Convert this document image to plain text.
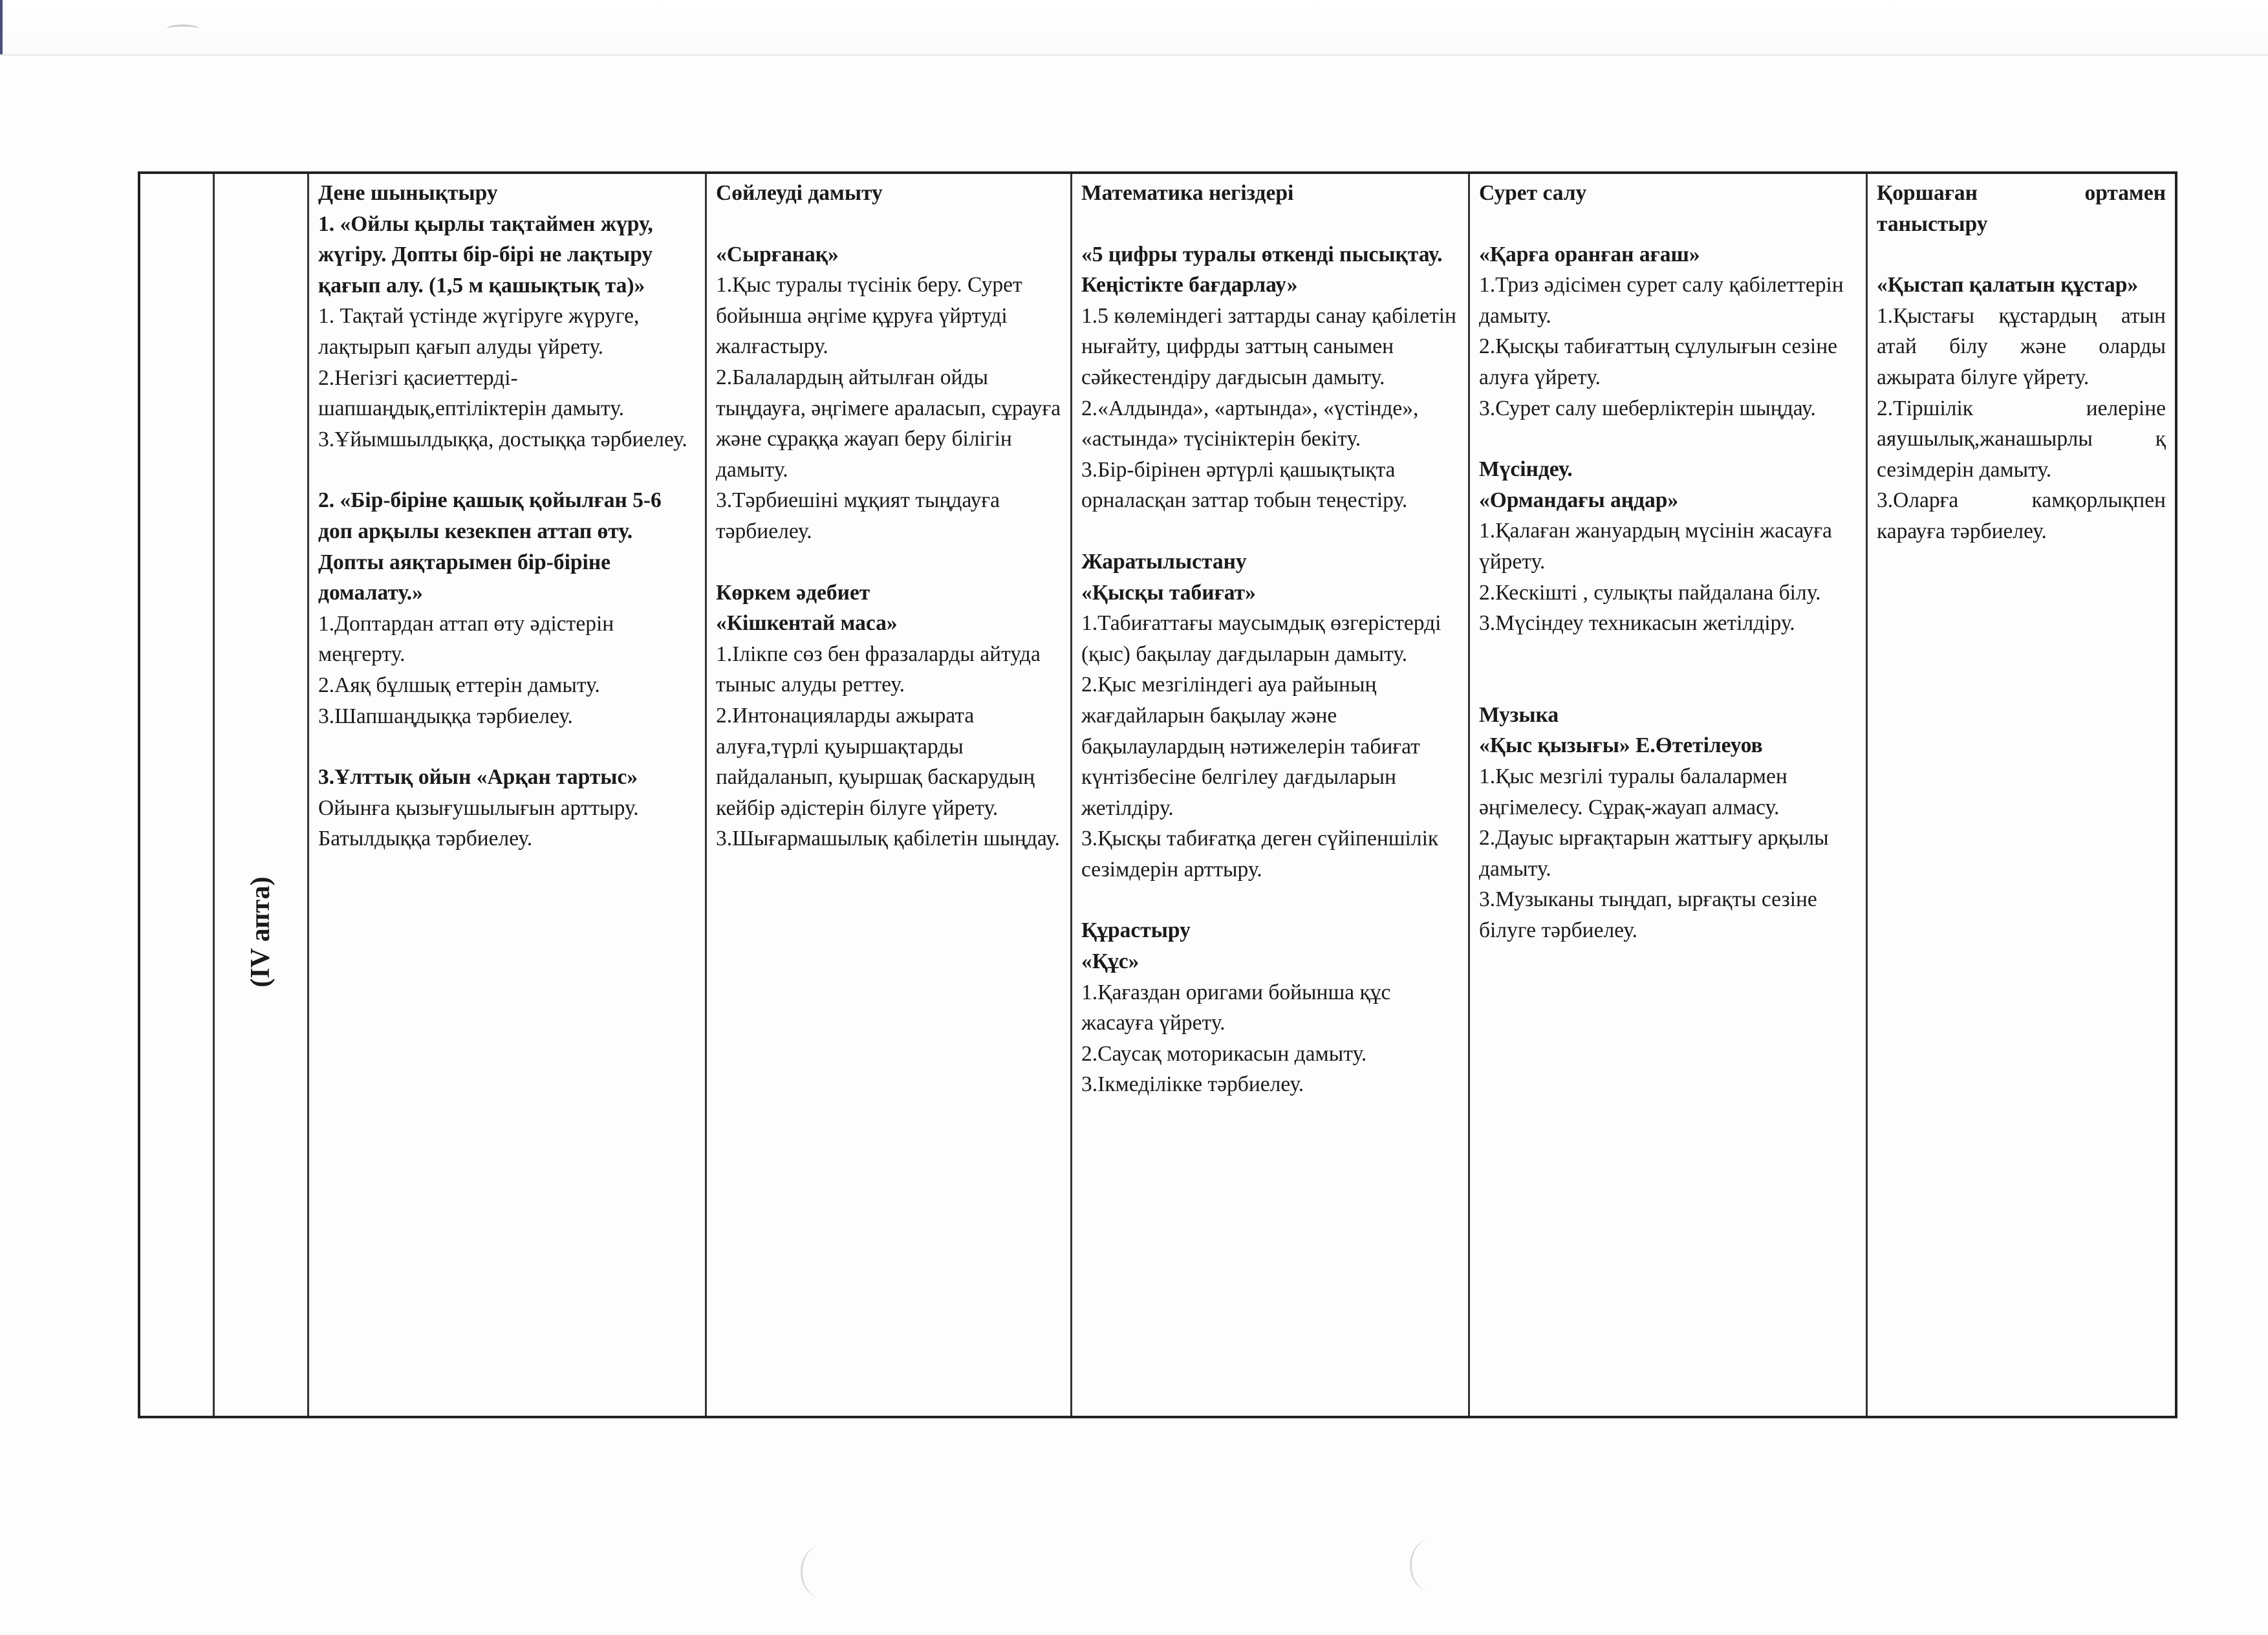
(IV апта)
Дене шынықтыру
1. «Ойлы қырлы тақтаймен жүру, жүгіру. Допты бір-бірі не лақтыру қағып алу. (1,5 м қашықтық та)»
1. Тақтай үстінде жүгіруге жүруге, лақтырып қағып алуды үйрету.
2.Негізгі қасиеттерді-шапшаңдық,ептіліктерін дамыту.
3.Ұйымшылдыққа, достыққа тәрбиелеу.
2. «Бір-біріне қашық қойылған 5-6 доп арқылы кезекпен аттап өту. Допты аяқтарымен бір-біріне домалату.»
1.Доптардан аттап өту әдістерін меңгерту.
2.Аяқ бұлшық еттерін дамыту.
3.Шапшаңдыққа тәрбиелеу.
3.Ұлттық ойын «Арқан тартыс»
Ойынға қызығушылығын арттыру. Батылдыққа тәрбиелеу.
Сөйлеуді дамыту
«Сырғанақ»
1.Қыс туралы түсінік беру. Сурет бойынша әңгіме құруға үйртуді жалғастыру.
2.Балалардың айтылған ойды тыңдауға, әңгімеге араласып, сұрауға және сұраққа жауап беру білігін дамыту.
3.Тәрбиешіні мұқият тыңдауға тәрбиелеу.
Көркем әдебиет
«Кішкентай маса»
1.Ілікпе сөз бен фразаларды айтуда тыныс алуды реттеу.
2.Интонацияларды ажырата алуға,түрлі қуыршақтарды пайдаланып, қуыршақ баскарудың кейбір әдістерін білуге үйрету.
3.Шығармашылық қабілетін шыңдау.
Математика негіздері
«5 цифры туралы өткенді пысықтау. Кеңістікте бағдарлау»
1.5 көлеміндегі заттарды санау қабілетін нығайту, цифрды заттың санымен сәйкестендіру дағдысын дамыту.
2.«Алдында», «артында», «үстінде», «астында» түсініктерін бекіту.
3.Бір-бірінен әртүрлі қашықтықта орналасқан заттар тобын теңестіру.
Жаратылыстану
«Қысқы табиғат»
1.Табиғаттағы маусымдық өзгерістерді (қыс) бақылау дағдыларын дамыту.
2.Қыс мезгіліндегі ауа райының жағдайларын бақылау және бақылаулардың нәтижелерін табиғат күнтізбесіне белгілеу дағдыларын жетілдіру.
3.Қысқы табиғатқа деген сүйіпеншілік сезімдерін арттыру.
Құрастыру
«Құс»
1.Қағаздан оригами бойынша құс жасауға үйрету.
2.Саусақ моторикасын дамыту.
3.Ікмеділікке тәрбиелеу.
Сурет салу
«Қарға оранған ағаш»
1.Триз әдісімен сурет салу қабілеттерін дамыту.
2.Қысқы табиғаттың сұлулығын сезіне алуға үйрету.
3.Сурет салу шеберліктерін шыңдау.
Мүсіндеу.
«Ормандағы аңдар»
1.Қалаған жануардың мүсінін жасауға үйрету.
2.Кескішті , сулықты пайдалана білу.
3.Мүсіндеу техникасын жетілдіру.
Музыка
«Қыс қызығы» Е.Өтетілеуов
1.Қыс мезгілі туралы балалармен әңгімелесу. Сұрақ-жауап алмасу.
2.Дауыс ырғақтарын жаттығу арқылы дамыту.
3.Музыканы тыңдап, ырғақты сезіне білуге тәрбиелеу.
Қоршаған ортамен таныстыру
«Қыстап қалатын құстар»
1.Қыстағы құстардың атын атай білу және оларды ажырата білуге үйрету.
2.Тіршілік иелеріне аяушылық,жанашырлы қ сезімдерін дамыту.
3.Оларға камқорлықпен карауға тәрбиелеу.
